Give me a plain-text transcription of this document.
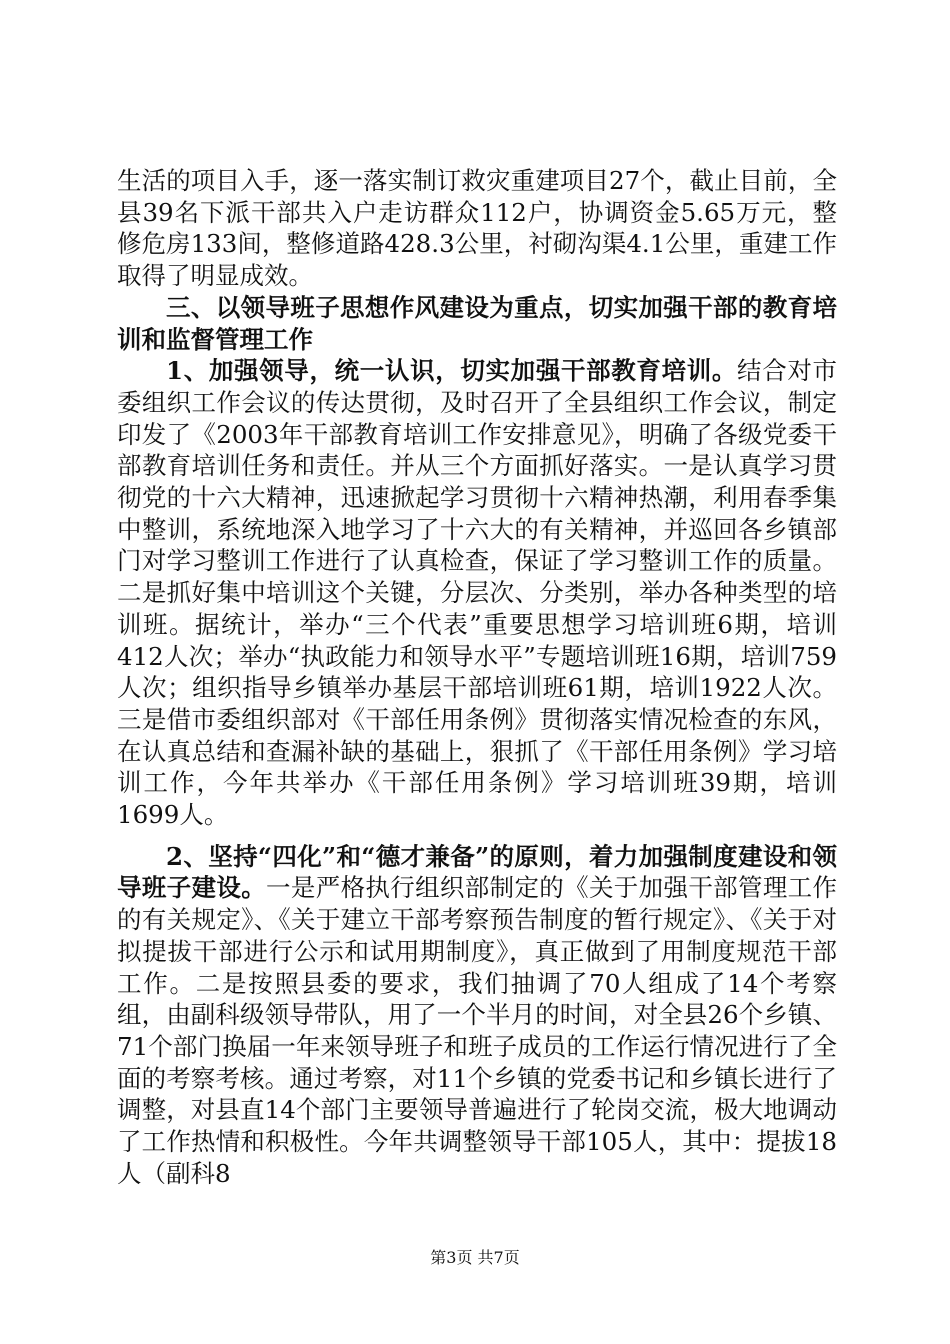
生活的项目入手，逐一落实制订救灾重建项目27个，截止目前，全县39名下派干部共入户走访群众112户，协调资金5.65万元，整修危房133间，整修道路428.3公里，衬砌沟渠4.1公里，重建工作取得了明显成效。

三、以领导班子思想作风建设为重点，切实加强干部的教育培训和监督管理工作

1、加强领导，统一认识，切实加强干部教育培训。结合对市委组织工作会议的传达贯彻，及时召开了全县组织工作会议，制定印发了《2003年干部教育培训工作安排意见》，明确了各级党委干部教育培训任务和责任。并从三个方面抓好落实。一是认真学习贯彻党的十六大精神，迅速掀起学习贯彻十六精神热潮，利用春季集中整训，系统地深入地学习了十六大的有关精神，并巡回各乡镇部门对学习整训工作进行了认真检查，保证了学习整训工作的质量。二是抓好集中培训这个关键，分层次、分类别，举办各种类型的培训班。据统计，举办“三个代表”重要思想学习培训班6期，培训412人次；举办“执政能力和领导水平”专题培训班16期，培训759人次；组织指导乡镇举办基层干部培训班61期，培训1922人次。三是借市委组织部对《干部任用条例》贯彻落实情况检查的东风，在认真总结和查漏补缺的基础上，狠抓了《干部任用条例》学习培训工作，今年共举办《干部任用条例》学习培训班39期，培训1699人。

2、坚持“四化”和“德才兼备”的原则，着力加强制度建设和领导班子建设。一是严格执行组织部制定的《关于加强干部管理工作的有关规定》、《关于建立干部考察预告制度的暂行规定》、《关于对拟提拔干部进行公示和试用期制度》，真正做到了用制度规范干部工作。二是按照县委的要求，我们抽调了70人组成了14个考察组，由副科级领导带队，用了一个半月的时间，对全县26个乡镇、71个部门换届一年来领导班子和班子成员的工作运行情况进行了全面的考察考核。通过考察，对11个乡镇的党委书记和乡镇长进行了调整，对县直14个部门主要领导普遍进行了轮岗交流，极大地调动了工作热情和积极性。今年共调整领导干部105人，其中：提拔18人（副科8

第3页 共7页
